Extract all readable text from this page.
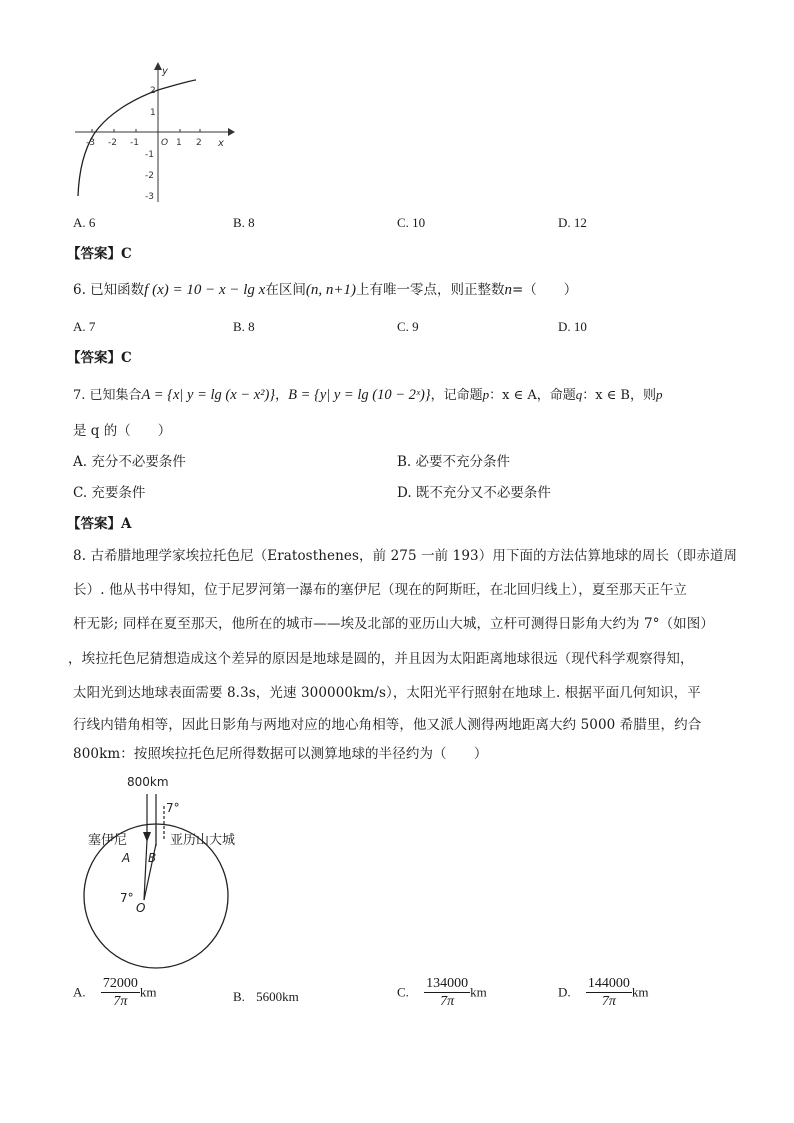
-3 -2 -1 O 1 2 x
y
2
1
-1
-2
-3
A. 6	B. 8	C. 10	D. 12
【答案】C
6. 已知函数f (x) = 10 − x − lg x在区间(n, n+1)上有唯一零点，则正整数n=（　　）
A. 7	B. 8	C. 9	D. 10
【答案】C
7. 已知集合A = {x| y = lg (x − x²)}，B = {y| y = lg (10 − 2ˣ)}，记命题p：x ∈ A，命题q：x ∈ B，则p
是 q 的（　　）
A. 充分不必要条件	B. 必要不充分条件
C. 充要条件	D. 既不充分又不必要条件
【答案】A
8. 古希腊地理学家埃拉托色尼（Eratosthenes，前 275 一前 193）用下面的方法估算地球的周长（即赤道周
长）. 他从书中得知，位于尼罗河第一瀑布的塞伊尼（现在的阿斯旺，在北回归线上），夏至那天正午立
杆无影; 同样在夏至那天，他所在的城市——埃及北部的亚历山大城，立杆可测得日影角大约为 7°（如图）
，埃拉托色尼猜想造成这个差异的原因是地球是圆的，并且因为太阳距离地球很远（现代科学观察得知，
太阳光到达地球表面需要 8.3s，光速 300000km/s），太阳光平行照射在地球上. 根据平面几何知识，平
行线内错角相等，因此日影角与两地对应的地心角相等，他又派人测得两地距离大约 5000 希腊里，约合
800km：按照埃拉托色尼所得数据可以测算地球的半径约为（　　）
800km
7°
塞伊尼	亚历山大城
A B
7°
O
A. $\frac{72000}{7\pi}$ km	B. 5600km	C. $\frac{134000}{7\pi}$ km	D. $\frac{144000}{7\pi}$ km
